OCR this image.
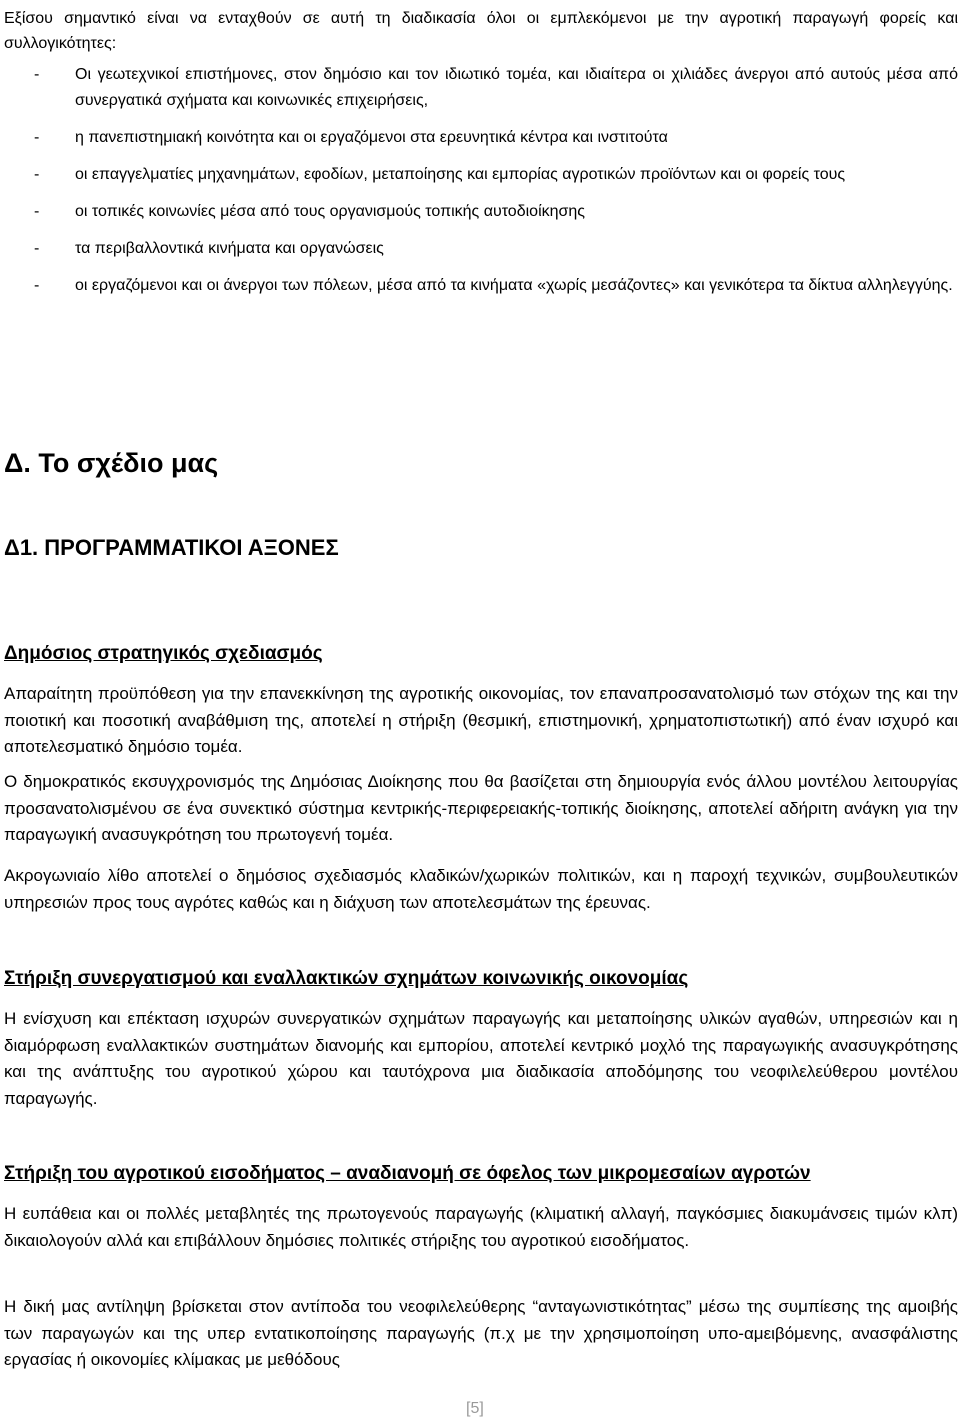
Εξίσου σημαντικό είναι να ενταχθούν σε αυτή τη διαδικασία όλοι οι εμπλεκόμενοι με την αγροτική παραγωγή φορείς και συλλογικότητες:

- Οι γεωτεχνικοί επιστήμονες, στον δημόσιο και τον ιδιωτικό τομέα, και ιδιαίτερα οι χιλιάδες άνεργοι από αυτούς μέσα από συνεργατικά σχήματα και κοινωνικές επιχειρήσεις,
- η πανεπιστημιακή κοινότητα και οι εργαζόμενοι στα ερευνητικά κέντρα και ινστιτούτα
- οι επαγγελματίες μηχανημάτων, εφοδίων, μεταποίησης και εμπορίας αγροτικών προϊόντων και οι φορείς τους
- οι τοπικές κοινωνίες μέσα από τους οργανισμούς τοπικής αυτοδιοίκησης
- τα περιβαλλοντικά κινήματα και οργανώσεις
- οι εργαζόμενοι και οι άνεργοι των πόλεων, μέσα από τα κινήματα «χωρίς μεσάζοντες» και γενικότερα τα δίκτυα αλληλεγγύης.
Δ. Το σχέδιο μας
Δ1. ΠΡΟΓΡΑΜΜΑΤΙΚΟΙ ΑΞΟΝΕΣ
Δημόσιος στρατηγικός σχεδιασμός

Απαραίτητη προϋπόθεση για την επανεκκίνηση της αγροτικής οικονομίας, τον επαναπροσανατολισμό των στόχων της και την ποιοτική και ποσοτική αναβάθμιση της, αποτελεί η στήριξη (θεσμική, επιστημονική, χρηματοπιστωτική) από έναν ισχυρό και αποτελεσματικό δημόσιο τομέα.

Ο δημοκρατικός εκσυγχρονισμός της Δημόσιας Διοίκησης που θα βασίζεται στη δημιουργία ενός άλλου μοντέλου λειτουργίας προσανατολισμένου σε ένα συνεκτικό σύστημα κεντρικής-περιφερειακής-τοπικής διοίκησης, αποτελεί αδήριτη ανάγκη για την παραγωγική ανασυγκρότηση του πρωτογενή τομέα.

Ακρογωνιαίο λίθο αποτελεί ο δημόσιος σχεδιασμός κλαδικών/χωρικών πολιτικών, και η παροχή τεχνικών, συμβουλευτικών υπηρεσιών προς τους αγρότες καθώς και η διάχυση των αποτελεσμάτων της έρευνας.

Στήριξη συνεργατισμού και εναλλακτικών σχημάτων κοινωνικής οικονομίας

Η ενίσχυση και επέκταση ισχυρών συνεργατικών σχημάτων παραγωγής και μεταποίησης υλικών αγαθών, υπηρεσιών και η διαμόρφωση εναλλακτικών συστημάτων διανομής και εμπορίου, αποτελεί κεντρικό μοχλό της παραγωγικής ανασυγκρότησης και της ανάπτυξης του αγροτικού χώρου και ταυτόχρονα μια διαδικασία αποδόμησης του νεοφιλελεύθερου μοντέλου παραγωγής.

Στήριξη του αγροτικού εισοδήματος – αναδιανομή σε όφελος των μικρομεσαίων αγροτών

Η ευπάθεια και οι πολλές μεταβλητές της πρωτογενούς παραγωγής (κλιματική αλλαγή, παγκόσμιες διακυμάνσεις τιμών κλπ) δικαιολογούν αλλά και επιβάλλουν δημόσιες πολιτικές στήριξης του αγροτικού εισοδήματος.

Η δική μας αντίληψη βρίσκεται στον αντίποδα του νεοφιλελεύθερης “ανταγωνιστικότητας” μέσω της συμπίεσης της αμοιβής των παραγωγών και της υπερ εντατικοποίησης παραγωγής (π.χ με την χρησιμοποίηση υπο-αμειβόμενης, ανασφάλιστης εργασίας ή οικονομίες κλίμακας με μεθόδους

[5]
